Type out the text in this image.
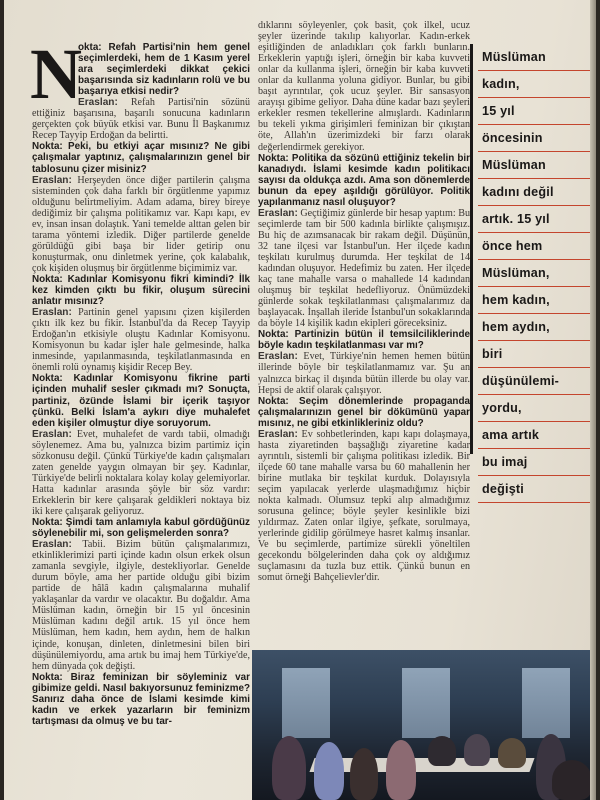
N

okta: Refah Partisi'nin hem genel seçimlerdeki, hem de 1 Kasım yerel ara seçimlerdeki dikkat çekici başarısında siz kadınların rolü ve bu başarıya etkisi nedir?

Eraslan: Refah Partisi'nin sözünü ettiğiniz başarısına, başarılı sonucuna kadınların gerçekten çok büyük etkisi var. Bunu İl Başkanımız Recep Tayyip Erdoğan da belirtti.

Nokta: Peki, bu etkiyi açar mısınız? Ne gibi çalışmalar yaptınız, çalışmalarınızın genel bir tablosunu çizer misiniz?

Eraslan: Herşeyden önce diğer partilerin çalışma sisteminden çok daha farklı bir örgütlenme yapımız olduğunu belirtmeliyim. Adam adama, birey bireye dediğimiz bir çalışma politikamız var. Kapı kapı, ev ev, insan insan dolaştık. Yani temelde alttan gelen bir tarama yöntemi izledik. Diğer partilerde genelde görüldüğü gibi başa bir lider getirip onu konuşturmak, onu dinletmek yerine, çok kalabalık, çok kişiden oluşmuş bir örgütlenme biçimimiz var.

Nokta: Kadınlar Komisyonu fikri kimindi? İlk kez kimden çıktı bu fikir, oluşum sürecini anlatır mısınız?

Eraslan: Partinin genel yapısını çizen kişilerden çıktı ilk kez bu fikir. İstanbul'da da Recep Tayyip Erdoğan'ın etkisiyle oluştu Kadınlar Komisyonu. Komisyonun bu kadar işler hale gelmesinde, halka inmesinde, yapılanmasında, teşkilatlanmasında en önemli rolü oynamış kişidir Recep Bey.

Nokta: Kadınlar Komisyonu fikrine parti içinden muhalif sesler çıkmadı mı? Sonuçta, partiniz, özünde İslami bir içerik taşıyor çünkü. Belki İslam'a aykırı diye muhalefet eden kişiler olmuştur diye soruyorum.

Eraslan: Evet, muhalefet de vardı tabii, olmadığı söylenemez. Ama bu, yalnızca bizim partimiz için sözkonusu değil. Çünkü Türkiye'de kadın çalışmaları zaten genelde yaygın olmayan bir şey. Kadınlar, Türkiye'de belirli noktalara kolay kolay gelemiyorlar. Hatta kadınlar arasında şöyle bir söz vardır: Erkeklerin bir kere çalışarak geldikleri noktaya biz iki kere çalışarak geliyoruz.

Nokta: Şimdi tam anlamıyla kabul gördüğünüz söylenebilir mi, son gelişmelerden sonra?

Eraslan: Tabii. Bizim bütün çalışmalarımızı, etkinliklerimizi parti içinde kadın olsun erkek olsun zamanla sevgiyle, ilgiyle, destekliyorlar. Genelde durum böyle, ama her partide olduğu gibi bizim partide de hâlâ kadın çalışmalarına muhalif yaklaşanlar da vardır ve olacaktır. Bu doğaldır. Ama Müslüman kadın, örneğin bir 15 yıl öncesinin Müslüman kadını değil artık. 15 yıl önce hem Müslüman, hem kadın, hem aydın, hem de halkın içinde, konuşan, dinleten, dinletmesini bilen biri düşünülemiyordu, ama artık bu imaj hem Türkiye'de, hem dünyada çok değişti.

Nokta: Biraz feminizan bir söyleminiz var gibimize geldi. Nasıl bakıyorsunuz feminizme? Sanırız daha önce de İslami kesimde kimi kadın ve erkek yazarların bir feminizm tartışması da olmuş ve bu tar-

dıklarını söyleyenler, çok basit, çok ilkel, ucuz şeyler üzerinde takılıp kalıyorlar. Kadın-erkek eşitliğinden de anladıkları çok farklı bunların. Erkeklerin yaptığı işleri, örneğin bir kaba kuvveti onlar da kullanma işleri, örneğin bir kaba kuvveti onlar da kullanma yoluna gidiyor. Bunlar, bu gibi başıt ayrıntılar, çok ucuz şeyler. Bir sansasyon arayışı gibime geliyor. Daha düne kadar bazı şeyleri erkekler resmen tekellerine almışlardı. Kadınların bu tekeli yıkma girişimleri feminizan bir çıkıştan öte, Allah'ın üzerimizdeki bir farzı olarak değerlendirmek gerekiyor.

Nokta: Politika da sözünü ettiğiniz tekelin bir kanadıydı. İslami kesimde kadın politikacı sayısı da oldukça azdı. Ama son dönemlerde bunun da epey aşıldığı görülüyor. Politik yapılanmanız nasıl oluşuyor?

Eraslan: Geçtiğimiz günlerde bir hesap yaptım: Bu seçimlerde tam bir 500 kadınla birlikte çalışmışız. Bu hiç de azımsanacak bir rakam değil. Düşünün, 32 tane ilçesi var İstanbul'un. Her ilçede kadın teşkilatı kurulmuş durumda. Her teşkilat de 14 kadından oluşuyor. Hedefimiz bu zaten. Her ilçede kaç tane mahalle varsa o mahallede 14 kadından oluşmuş bir teşkilat hedefliyoruz. Önümüzdeki günlerde sokak teşkilatlanması çalışmalarımız da başlayacak. İnşallah ileride İstanbul'un sokaklarında da böyle 14 kişilik kadın ekipleri göreceksiniz.

Nokta: Partinizin bütün il temsilciliklerinde böyle kadın teşkilatlanması var mı?

Eraslan: Evet, Türkiye'nin hemen hemen bütün illerinde böyle bir teşkilatlanmamız var. Şu an yalnızca birkaç il dışında bütün illerde bu olay var. Hepsi de aktif olarak çalışıyor.

Nokta: Seçim dönemlerinde propaganda çalışmalarınızın genel bir dökümünü yapar mısınız, ne gibi etkinlikleriniz oldu?

Eraslan: Ev sohbetlerinden, kapı kapı dolaşmaya, hasta ziyaretinden başsağlığı ziyaretine kadar ayrıntılı, sistemli bir çalışma politikası izledik. Bir ilçede 60 tane mahalle varsa bu 60 mahallenin her birine mutlaka bir teşkilat kurduk. Dolayısıyla seçim yapılacak yerlerde ulaşmadığımız hiçbir nokta kalmadı. Olumsuz tepki alıp almadığımız sorusuna gelince; böyle şeyler kesinlikle bizi yıldırmaz. Zaten onlar ilgiye, şefkate, sorulmaya, yerlerinde gidilip görülmeye hasret kalmış insanlar. Ve bu seçimlerde, partimize sürekli yöneltilen gecekondu bölgelerinden daha çok oy aldığımız suçlamasını da tuzla buz ettik. Çünkü bunun en somut örneği Bahçelievler'dir.

Müslüman
kadın,
15 yıl
öncesinin
Müslüman
kadını değil
artık. 15 yıl
önce hem
Müslüman,
hem kadın,
hem aydın,
biri
düşünülemi-
yordu,
ama artık
bu imaj
değişti
